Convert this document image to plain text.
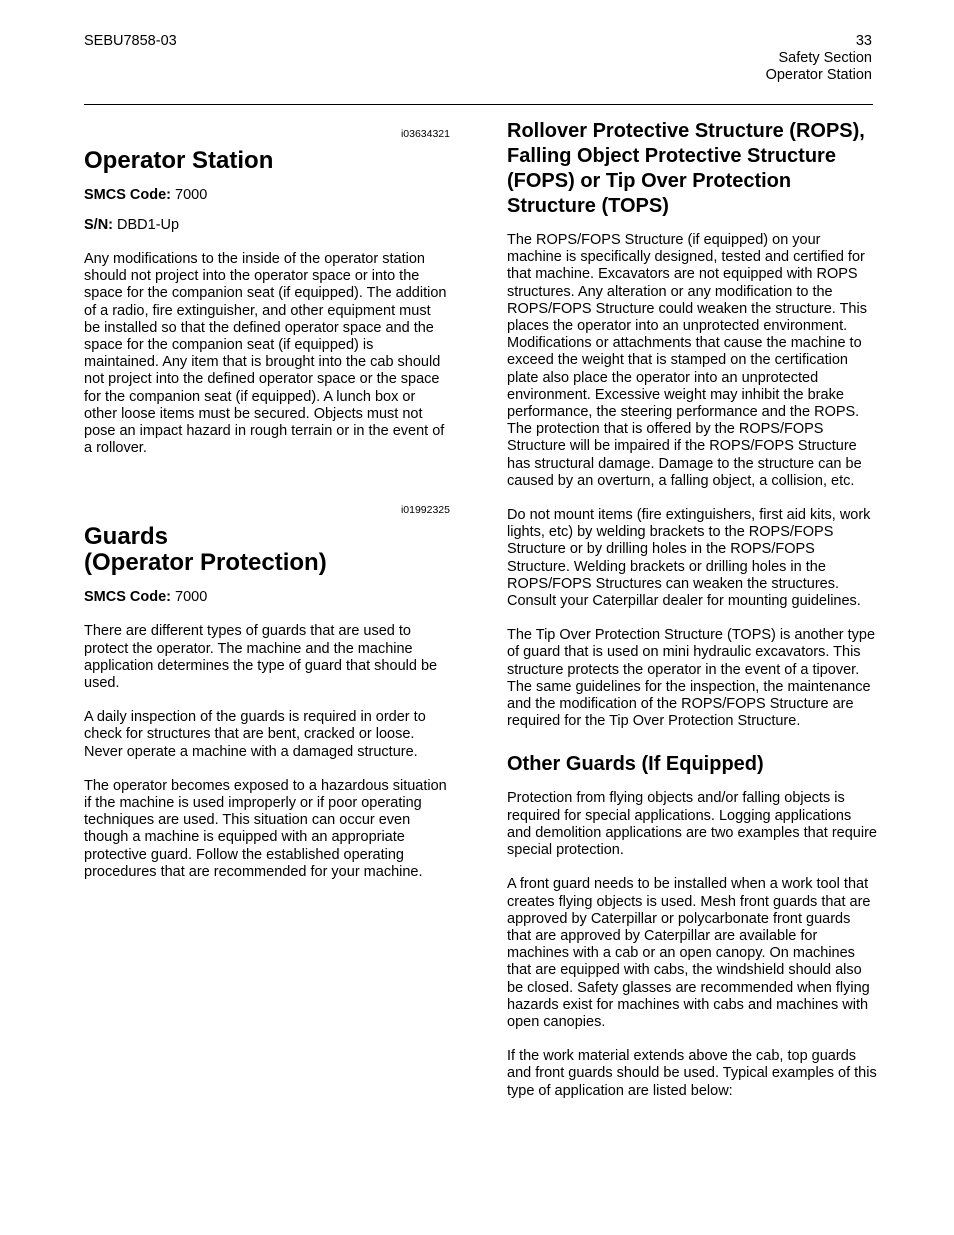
SEBU7858-03	33
Safety Section
Operator Station
i03634321
Operator Station
SMCS Code: 7000
S/N: DBD1-Up

Any modifications to the inside of the operator station should not project into the operator space or into the space for the companion seat (if equipped). The addition of a radio, fire extinguisher, and other equipment must be installed so that the defined operator space and the space for the companion seat (if equipped) is maintained. Any item that is brought into the cab should not project into the defined operator space or the space for the companion seat (if equipped). A lunch box or other loose items must be secured. Objects must not pose an impact hazard in rough terrain or in the event of a rollover.

i01992325
Guards
(Operator Protection)
SMCS Code: 7000

There are different types of guards that are used to protect the operator. The machine and the machine application determines the type of guard that should be used.

A daily inspection of the guards is required in order to check for structures that are bent, cracked or loose. Never operate a machine with a damaged structure.

The operator becomes exposed to a hazardous situation if the machine is used improperly or if poor operating techniques are used. This situation can occur even though a machine is equipped with an appropriate protective guard. Follow the established operating procedures that are recommended for your machine.

Rollover Protective Structure (ROPS), Falling Object Protective Structure (FOPS) or Tip Over Protection Structure (TOPS)

The ROPS/FOPS Structure (if equipped) on your machine is specifically designed, tested and certified for that machine. Excavators are not equipped with ROPS structures. Any alteration or any modification to the ROPS/FOPS Structure could weaken the structure. This places the operator into an unprotected environment. Modifications or attachments that cause the machine to exceed the weight that is stamped on the certification plate also place the operator into an unprotected environment. Excessive weight may inhibit the brake performance, the steering performance and the ROPS. The protection that is offered by the ROPS/FOPS Structure will be impaired if the ROPS/FOPS Structure has structural damage. Damage to the structure can be caused by an overturn, a falling object, a collision, etc.

Do not mount items (fire extinguishers, first aid kits, work lights, etc) by welding brackets to the ROPS/FOPS Structure or by drilling holes in the ROPS/FOPS Structure. Welding brackets or drilling holes in the ROPS/FOPS Structures can weaken the structures. Consult your Caterpillar dealer for mounting guidelines.

The Tip Over Protection Structure (TOPS) is another type of guard that is used on mini hydraulic excavators. This structure protects the operator in the event of a tipover. The same guidelines for the inspection, the maintenance and the modification of the ROPS/FOPS Structure are required for the Tip Over Protection Structure.

Other Guards (If Equipped)

Protection from flying objects and/or falling objects is required for special applications. Logging applications and demolition applications are two examples that require special protection.

A front guard needs to be installed when a work tool that creates flying objects is used. Mesh front guards that are approved by Caterpillar or polycarbonate front guards that are approved by Caterpillar are available for machines with a cab or an open canopy. On machines that are equipped with cabs, the windshield should also be closed. Safety glasses are recommended when flying hazards exist for machines with cabs and machines with open canopies.

If the work material extends above the cab, top guards and front guards should be used. Typical examples of this type of application are listed below:
